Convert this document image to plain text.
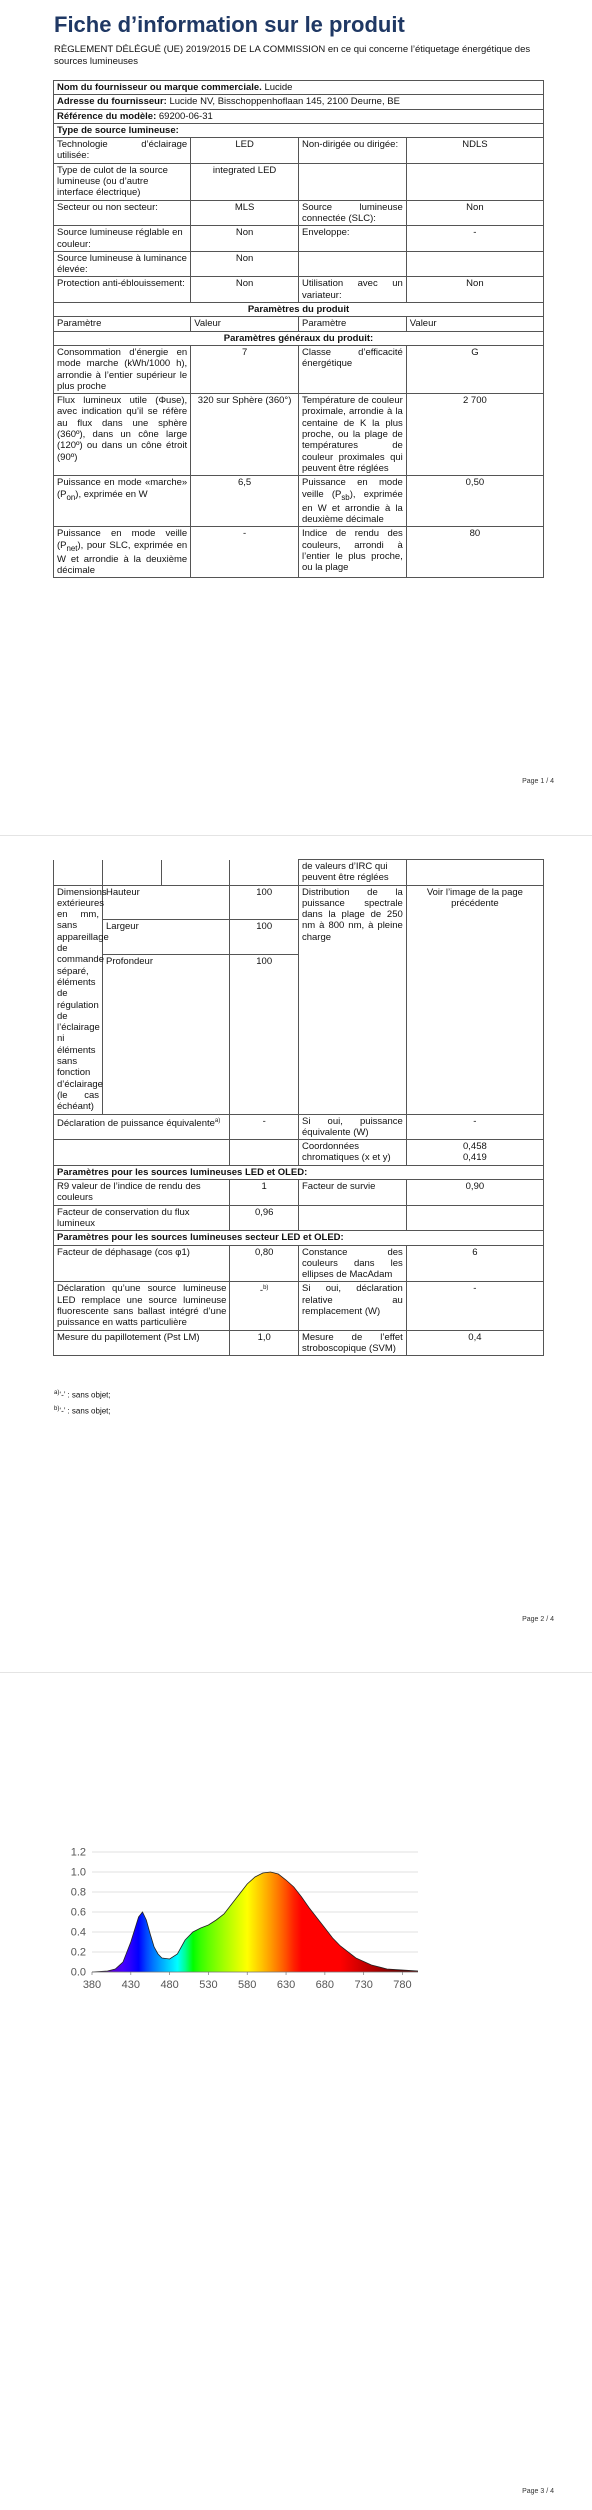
Fiche d’information sur le produit
RÈGLEMENT DÉLÉGUÉ (UE) 2019/2015 DE LA COMMISSION en ce qui concerne l’étiquetage énergétique des sources lumineuses
Nom du fournisseur ou marque commerciale. Lucide			
Adresse du fournisseur: Lucide NV, Bisschoppenhoflaan 145, 2100 Deurne, BE			
Référence du modèle: 69200-06-31			
Type de source lumineuse:			
Technologie d’éclairage utilisée:	LED	Non-dirigée ou dirigée:	NDLS
Type de culot de la source lumineuse (ou d’autre interface électrique)	integrated LED		
Secteur ou non secteur:	MLS	Source lumineuse connectée (SLC):	Non
Source lumineuse réglable en couleur:	Non	Enveloppe:	-
Source lumineuse à luminance élevée:	Non		
Protection anti-éblouissement:	Non	Utilisation avec un variateur:	Non
Paramètres du produit			
Paramètre	Valeur	Paramètre	Valeur
Paramètres généraux du produit:			
Consommation d’énergie en mode marche (kWh/1000 h), arrondie à l’entier supérieur le plus proche	7	Classe d’efficacité énergétique	G
Flux lumineux utile (Φuse), avec indication qu’il se réfère au flux dans une sphère (360º), dans un cône large (120º) ou dans un cône étroit (90º)	320 sur Sphère (360°)	Température de couleur proximale, arrondie à la centaine de K la plus proche, ou la plage de températures de couleur proximales qui peuvent être réglées	2 700
Puissance en mode «marche» $(P_{on})$, exprimée en W	6,5	Puissance en mode veille $(P_{sb})$, exprimée en W et arrondie à la deuxième décimale	0,50
Puissance en mode veille $(P_{net})$, pour SLC, exprimée en W et arrondie à la deuxième décimale	-	Indice de rendu des couleurs, arrondi à l’entier le plus proche, ou la plage	80
Page 1 / 4
				de valeurs d’IRC qui peuvent être réglées	
Dimensions extérieures en mm, sans appareillage de commande séparé, éléments de régulation de l’éclairage ni éléments sans fonction d’éclairage (le cas échéant)	Hauteur		100	Distribution de la puissance spectrale dans la plage de 250 nm à 800 nm, à pleine charge	Voir l’image de la page précédente
	Largeur		100		
	Profondeur		100		
Déclaration de puissance équivalente$^{a)}$			-	Si oui, puissance équivalente (W)	-
				Coordonnées chromatiques (x et y)	0,458
0,419

Paramètres pour les sources lumineuses LED et OLED:					
R9 valeur de l’indice de rendu des couleurs			1	Facteur de survie	0,90
Facteur de conservation du flux lumineux			0,96		
Paramètres pour les sources lumineuses secteur LED et OLED:					
Facteur de déphasage (cos φ1)			0,80	Constance des couleurs dans les ellipses de MacAdam	6
Déclaration qu’une source lumineuse LED remplace une source lumineuse fluorescente sans ballast intégré d’une puissance en watts particulière			-$^{b)}$	Si oui, déclaration relative au remplacement (W)	-
Mesure du papillotement (Pst LM)			1,0	Mesure de l’effet stroboscopique (SVM)	0,4
$^{a)}$‘-’ : sans objet;
$^{b)}$‘-’ : sans objet;
Page 2 / 4
Page 3 / 4
0.0
0.2
0.4
0.6
0.8
1.0
1.2
380 430 480 530 580 630 680 730 780
